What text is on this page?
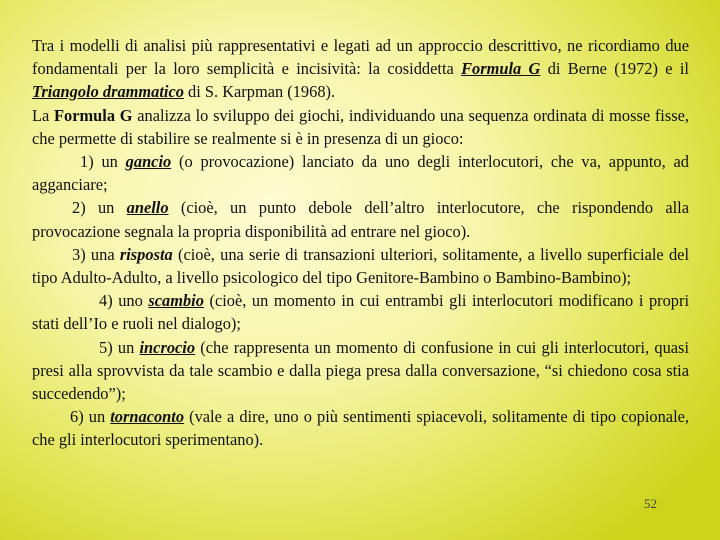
Tra i modelli di analisi più rappresentativi e legati ad un approccio descrittivo, ne ricordiamo due fondamentali per la loro semplicità e incisività: la cosiddetta Formula G di Berne (1972) e il Triangolo drammatico di S. Karpman (1968).

La Formula G analizza lo sviluppo dei giochi, individuando una sequenza ordinata di mosse fisse, che permette di stabilire se realmente si è in presenza di un gioco:

1) un gancio (o provocazione) lanciato da uno degli interlocutori, che va, appunto, ad agganciare;

2) un anello (cioè, un punto debole dell’altro interlocutore, che rispondendo alla provocazione segnala la propria disponibilità ad entrare nel gioco).

3) una risposta (cioè, una serie di transazioni ulteriori, solitamente, a livello superficiale del tipo Adulto-Adulto, a livello psicologico del tipo Genitore-Bambino o Bambino-Bambino);

4) uno scambio (cioè, un momento in cui entrambi gli interlocutori modificano i propri stati dell’Io e ruoli nel dialogo);

5) un incrocio (che rappresenta un momento di confusione in cui gli interlocutori, quasi presi alla sprovvista da tale scambio e dalla piega presa dalla conversazione, “si chiedono cosa stia succedendo”);

6) un tornaconto (vale a dire, uno o più sentimenti spiacevoli, solitamente di tipo copionale, che gli interlocutori sperimentano).

52
